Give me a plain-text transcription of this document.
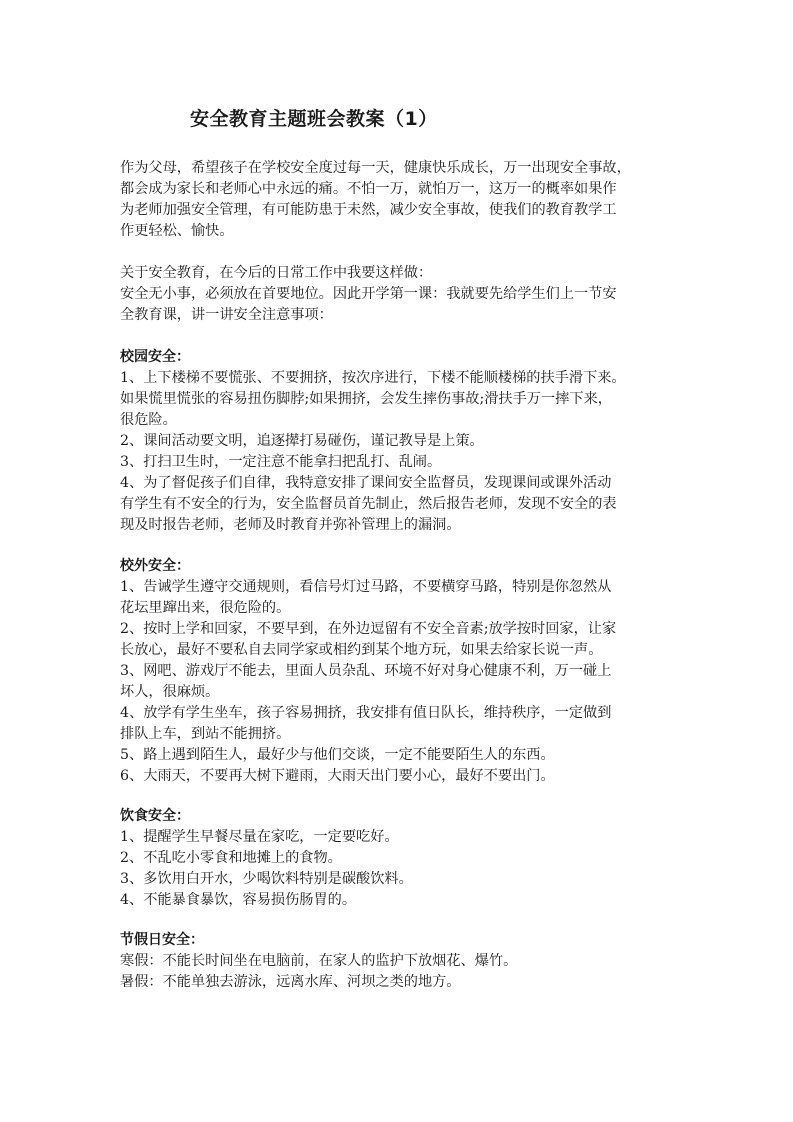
安全教育主题班会教案（1）
作为父母，希望孩子在学校安全度过每一天，健康快乐成长，万一出现安全事故，
都会成为家长和老师心中永远的痛。不怕一万，就怕万一，这万一的概率如果作
为老师加强安全管理，有可能防患于未然，减少安全事故，使我们的教育教学工
作更轻松、愉快。
关于安全教育，在今后的日常工作中我要这样做：
安全无小事，必须放在首要地位。因此开学第一课：我就要先给学生们上一节安
全教育课，讲一讲安全注意事项：
校园安全：
1、上下楼梯不要慌张、不要拥挤，按次序进行，下楼不能顺楼梯的扶手滑下来。
如果慌里慌张的容易扭伤脚脖;如果拥挤，会发生摔伤事故;滑扶手万一摔下来，
很危险。
2、课间活动要文明，追逐撵打易碰伤，谨记教导是上策。
3、打扫卫生时，一定注意不能拿扫把乱打、乱闹。
4、为了督促孩子们自律，我特意安排了课间安全监督员，发现课间或课外活动
有学生有不安全的行为，安全监督员首先制止，然后报告老师，发现不安全的表
现及时报告老师，老师及时教育并弥补管理上的漏洞。
校外安全：
1、告诫学生遵守交通规则，看信号灯过马路，不要横穿马路，特别是你忽然从
花坛里蹿出来，很危险的。
2、按时上学和回家，不要早到，在外边逗留有不安全音素;放学按时回家，让家
长放心，最好不要私自去同学家或相约到某个地方玩，如果去给家长说一声。
3、网吧、游戏厅不能去，里面人员杂乱、环境不好对身心健康不利，万一碰上
坏人，很麻烦。
4、放学有学生坐车，孩子容易拥挤，我安排有值日队长，维持秩序，一定做到
排队上车，到站不能拥挤。
5、路上遇到陌生人，最好少与他们交谈，一定不能要陌生人的东西。
6、大雨天，不要再大树下避雨，大雨天出门要小心，最好不要出门。
饮食安全：
1、提醒学生早餐尽量在家吃，一定要吃好。
2、不乱吃小零食和地摊上的食物。
3、多饮用白开水，少喝饮料特别是碳酸饮料。
4、不能暴食暴饮，容易损伤肠胃的。
节假日安全：
寒假：不能长时间坐在电脑前，在家人的监护下放烟花、爆竹。
暑假：不能单独去游泳，远离水库、河坝之类的地方。
